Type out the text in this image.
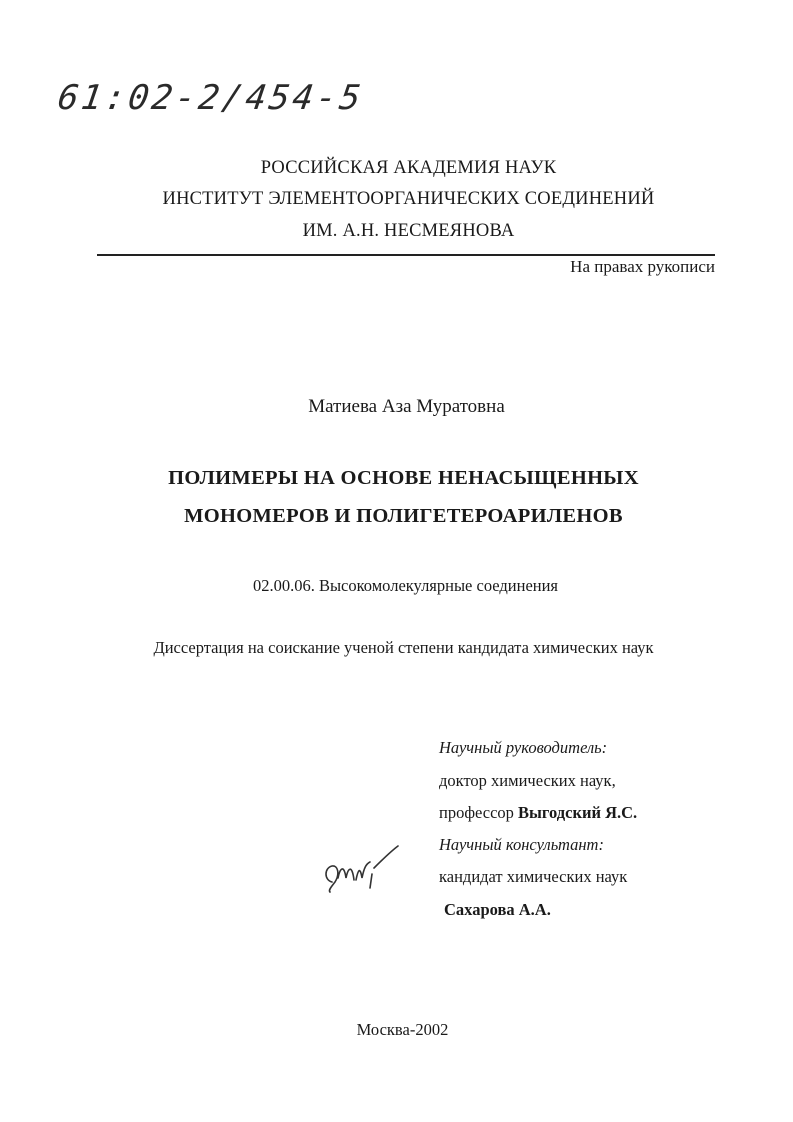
61:02-2/454-5
РОССИЙСКАЯ АКАДЕМИЯ НАУК
ИНСТИТУТ ЭЛЕМЕНТООРГАНИЧЕСКИХ СОЕДИНЕНИЙ
ИМ. А.Н. НЕСМЕЯНОВА
На правах рукописи
Матиева Аза Муратовна
ПОЛИМЕРЫ НА ОСНОВЕ НЕНАСЫЩЕННЫХ
МОНОМЕРОВ И ПОЛИГЕТЕРОАРИЛЕНОВ
02.00.06. Высокомолекулярные соединения
Диссертация на соискание ученой степени кандидата химических наук
Научный руководитель:
доктор химических наук,
профессор Выгодский Я.С.
Научный консультант:
кандидат химических наук
Сахарова А.А.
Москва-2002
